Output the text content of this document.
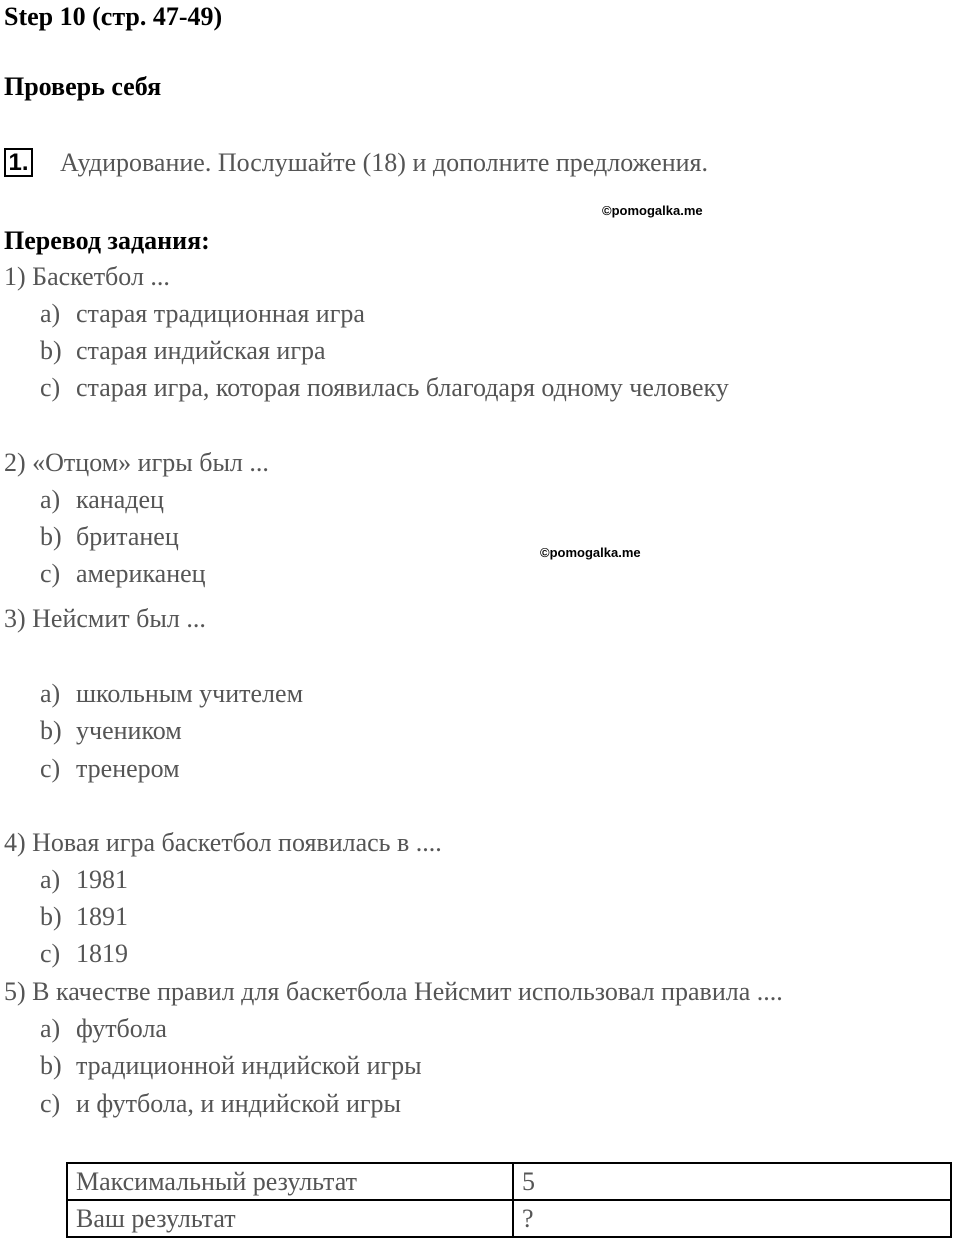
Step 10 (стр. 47-49)
Проверь себя
1. Аудирование. Послушайте (18) и дополните предложения.
©pomogalka.me
Перевод задания:
1) Баскетбол ...
a) старая традиционная игра
b) старая индийская игра
c) старая игра, которая появилась благодаря одному человеку
2) «Отцом» игры был ...
a) канадец
b) британец
c) американец
©pomogalka.me
3) Нейсмит был ...
a) школьным учителем
b) учеником
c) тренером
4) Новая игра баскетбол появилась в ....
a) 1981
b) 1891
c) 1819
5) В качестве правил для баскетбола Нейсмит использовал правила ....
a) футбола
b) традиционной индийской игры
c) и футбола, и индийской игры
Максимальный результат	5
Ваш результат	?
